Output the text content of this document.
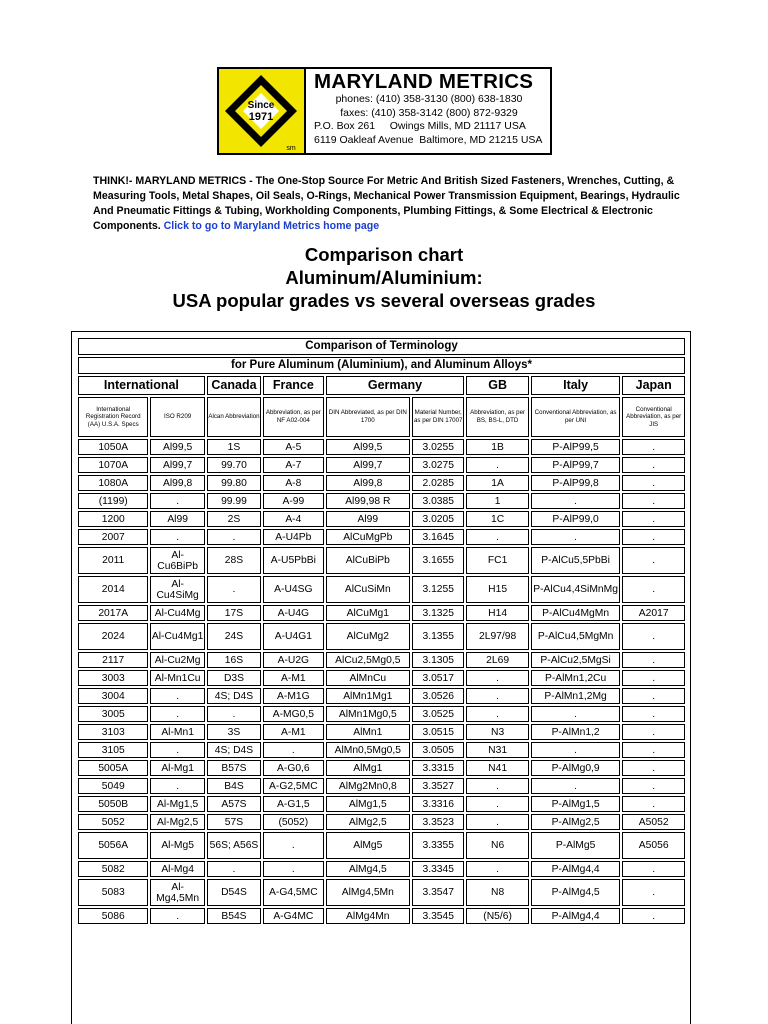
Since
1971
sm
MARYLAND METRICS
phones: (410) 358-3130 (800) 638-1830
faxes: (410) 358-3142 (800) 872-9329
P.O. Box 261 Owings Mills, MD 21117 USA
6119 Oakleaf Avenue Baltimore, MD 21215 USA
THINK!- MARYLAND METRICS - The One-Stop Source For Metric And British Sized Fasteners, Wrenches, Cutting, & Measuring Tools, Metal Shapes, Oil Seals, O-Rings, Mechanical Power Transmission Equipment, Bearings, Hydraulic And Pneumatic Fittings & Tubing, Workholding Components, Plumbing Fittings, & Some Electrical & Electronic Components. Click to go to Maryland Metrics home page
Comparison chart
Aluminum/Aluminium:
USA popular grades vs several overseas grades
Comparison of Terminology								
for Pure Aluminum (Aluminium), and Aluminum Alloys*								
International		Canada	France	Germany		GB	Italy	Japan
International Registration Record (AA) U.S.A. Specs	ISO R209	Alcan Abbreviation	Abbreviation, as per NF A02-004	DIN Abbreviated, as per DIN 1700	Material Number, as per DIN 17007	Abbreviation, as per BS, BS-L, DTD	Conventional Abbreviation, as per UNI	Conventional Abbreviation, as per JIS
1050A	Al99,5	1S	A-5	Al99,5	3.0255	1B	P-AlP99,5	.
1070A	Al99,7	99.70	A-7	Al99,7	3.0275	.	P-AlP99,7	.
1080A	Al99,8	99.80	A-8	Al99,8	2.0285	1A	P-AlP99,8	.
(1199)	.	99.99	A-99	Al99,98 R	3.0385	1	.	.
1200	Al99	2S	A-4	Al99	3.0205	1C	P-AlP99,0	.
2007	.	.	A-U4Pb	AlCuMgPb	3.1645	.	.	.
2011	Al-Cu6BiPb	28S	A-U5PbBi	AlCuBiPb	3.1655	FC1	P-AlCu5,5PbBi	.
2014	Al-Cu4SiMg	.	A-U4SG	AlCuSiMn	3.1255	H15	P-AlCu4,4SiMnMg	.
2017A	Al-Cu4Mg	17S	A-U4G	AlCuMg1	3.1325	H14	P-AlCu4MgMn	A2017
2024	Al-Cu4Mg1	24S	A-U4G1	AlCuMg2	3.1355	2L97/98	P-AlCu4,5MgMn	.
2117	Al-Cu2Mg	16S	A-U2G	AlCu2,5Mg0,5	3.1305	2L69	P-AlCu2,5MgSi	.
3003	Al-Mn1Cu	D3S	A-M1	AlMnCu	3.0517	.	P-AlMn1,2Cu	.
3004	.	4S; D4S	A-M1G	AlMn1Mg1	3.0526	.	P-AlMn1,2Mg	.
3005	.	.	A-MG0,5	AlMn1Mg0,5	3.0525	.	.	.
3103	Al-Mn1	3S	A-M1	AlMn1	3.0515	N3	P-AlMn1,2	.
3105	.	4S; D4S	.	AlMn0,5Mg0,5	3.0505	N31	.	.
5005A	Al-Mg1	B57S	A-G0,6	AlMg1	3.3315	N41	P-AlMg0,9	.
5049	.	B4S	A-G2,5MC	AlMg2Mn0,8	3.3527	.	.	.
5050B	Al-Mg1,5	A57S	A-G1,5	AlMg1,5	3.3316	.	P-AlMg1,5	.
5052	Al-Mg2,5	57S	(5052)	AlMg2,5	3.3523	.	P-AlMg2,5	A5052
5056A	Al-Mg5	56S; A56S	.	AlMg5	3.3355	N6	P-AlMg5	A5056
5082	Al-Mg4	.	.	AlMg4,5	3.3345	.	P-AlMg4,4	.
5083	Al-Mg4,5Mn	D54S	A-G4,5MC	AlMg4,5Mn	3.3547	N8	P-AlMg4,5	.
5086	.	B54S	A-G4MC	AlMg4Mn	3.3545	(N5/6)	P-AlMg4,4	.
